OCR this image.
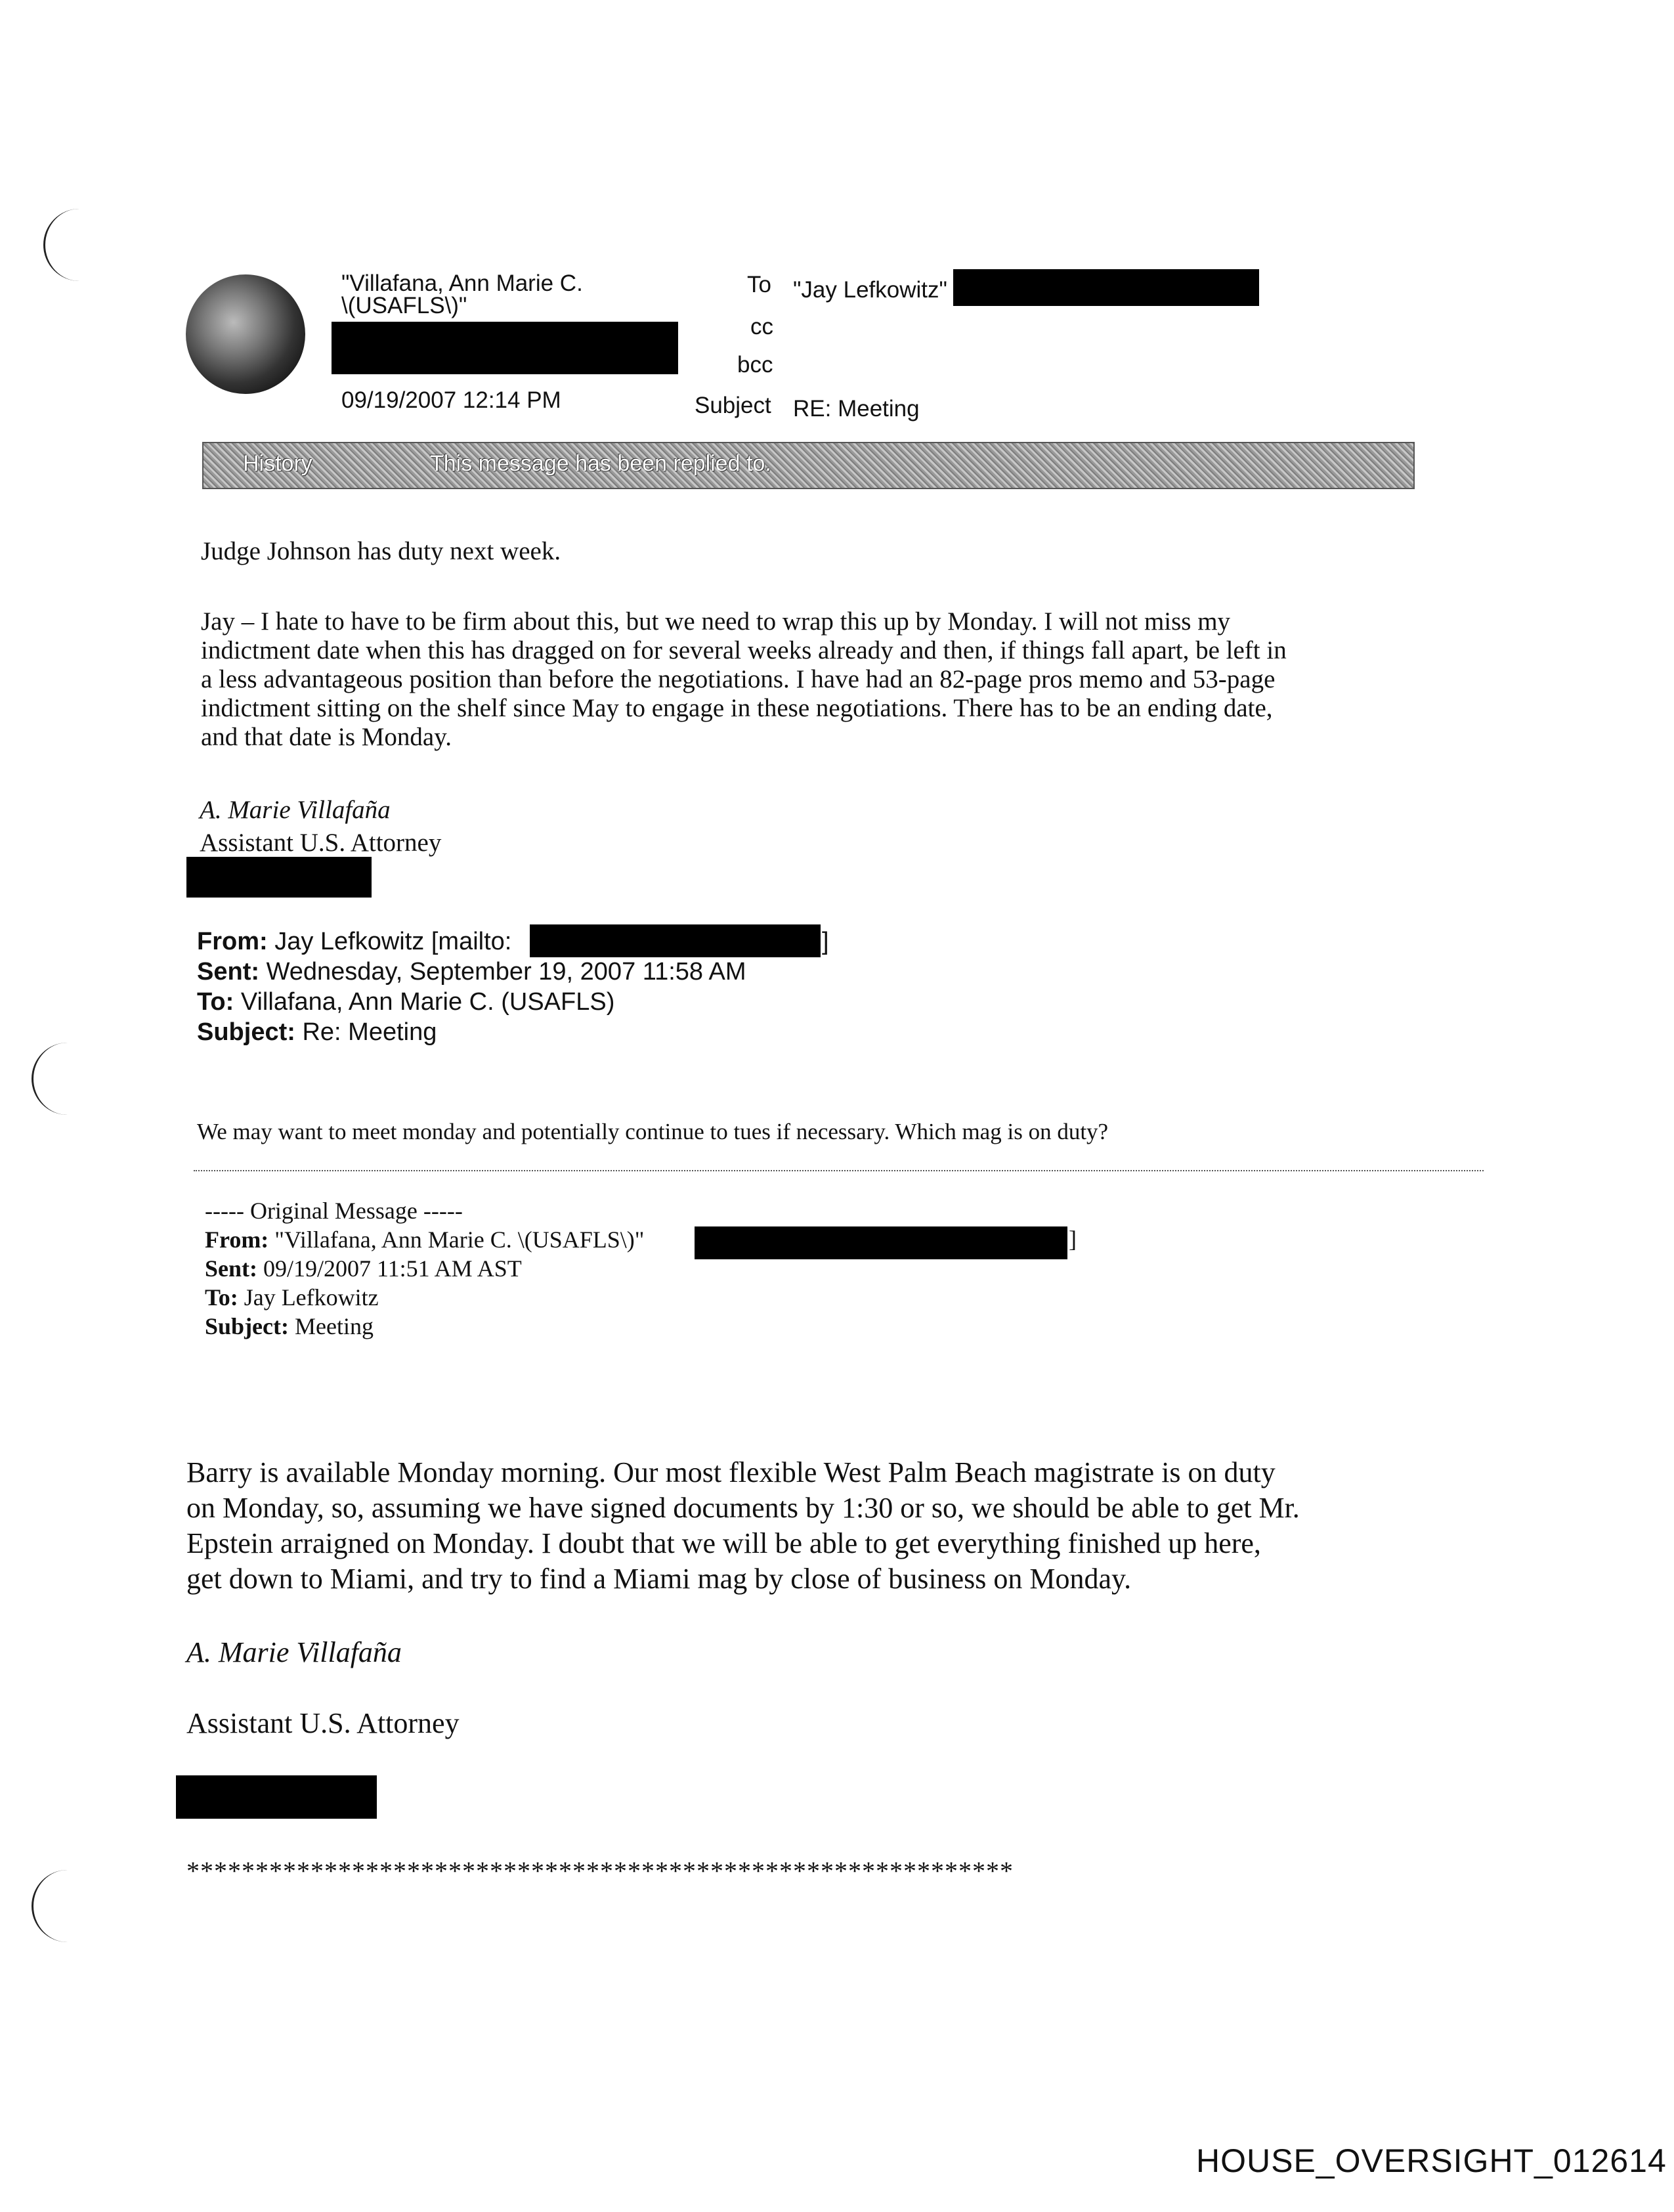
"Villafana, Ann Marie C.
\(USAFLS\)"
09/19/2007 12:14 PM
To "Jay Lefkowitz"
cc
bcc
Subject RE: Meeting
History	This message has been replied to.
Judge Johnson has duty next week.
Jay – I hate to have to be firm about this, but we need to wrap this up by Monday. I will not miss my
indictment date when this has dragged on for several weeks already and then, if things fall apart, be left in
a less advantageous position than before the negotiations. I have had an 82-page pros memo and 53-page
indictment sitting on the shelf since May to engage in these negotiations. There has to be an ending date,
and that date is Monday.
A. Marie Villafaña
Assistant U.S. Attorney
From: Jay Lefkowitz [mailto:	]
Sent: Wednesday, September 19, 2007 11:58 AM
To: Villafana, Ann Marie C. (USAFLS)
Subject: Re: Meeting
We may want to meet monday and potentially continue to tues if necessary. Which mag is on duty?
----- Original Message -----
From: "Villafana, Ann Marie C. \(USAFLS\)"
Sent: 09/19/2007 11:51 AM AST
To: Jay Lefkowitz
Subject: Meeting
]
Barry is available Monday morning. Our most flexible West Palm Beach magistrate is on duty
on Monday, so, assuming we have signed documents by 1:30 or so, we should be able to get Mr.
Epstein arraigned on Monday. I doubt that we will be able to get everything finished up here,
get down to Miami, and try to find a Miami mag by close of business on Monday.
A. Marie Villafaña
Assistant U.S. Attorney
************************************************************
HOUSE_OVERSIGHT_012614
